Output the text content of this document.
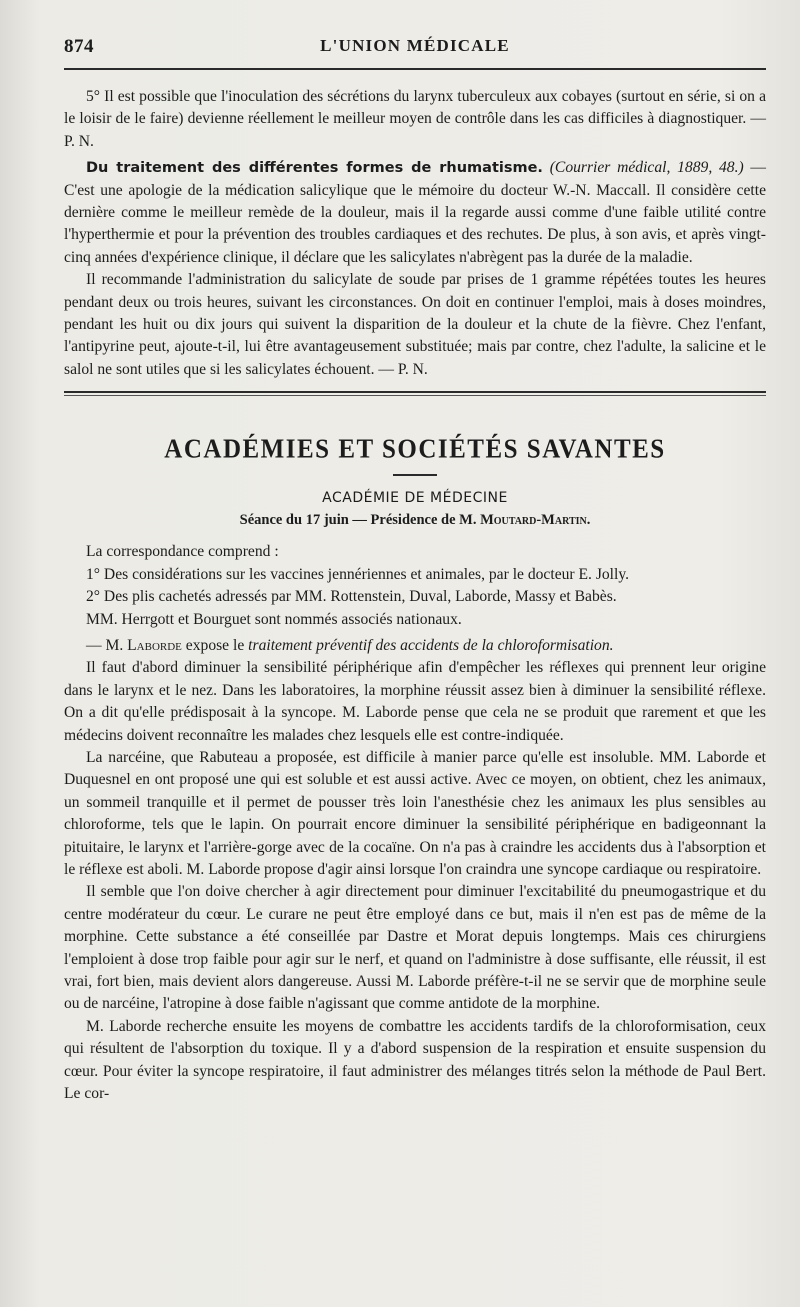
874	L'UNION MÉDICALE

5° Il est possible que l'inoculation des sécrétions du larynx tuberculeux aux cobayes (surtout en série, si on a le loisir de le faire) devienne réellement le meilleur moyen de contrôle dans les cas difficiles à diagnostiquer. — P. N.

Du traitement des différentes formes de rhumatisme. (Courrier médical, 1889, 48.) — C'est une apologie de la médication salicylique que le mémoire du docteur W.-N. Maccall. Il considère cette dernière comme le meilleur remède de la douleur, mais il la regarde aussi comme d'une faible utilité contre l'hyperthermie et pour la prévention des troubles cardiaques et des rechutes. De plus, à son avis, et après vingt-cinq années d'expérience clinique, il déclare que les salicylates n'abrègent pas la durée de la maladie.

Il recommande l'administration du salicylate de soude par prises de 1 gramme répétées toutes les heures pendant deux ou trois heures, suivant les circonstances. On doit en continuer l'emploi, mais à doses moindres, pendant les huit ou dix jours qui suivent la disparition de la douleur et la chute de la fièvre. Chez l'enfant, l'antipyrine peut, ajoute-t-il, lui être avantageusement substituée; mais par contre, chez l'adulte, la salicine et le salol ne sont utiles que si les salicylates échouent. — P. N.

ACADÉMIES ET SOCIÉTÉS SAVANTES
ACADÉMIE DE MÉDECINE
Séance du 17 juin — Présidence de M. Moutard-Martin.

La correspondance comprend :

1° Des considérations sur les vaccines jennériennes et animales, par le docteur E. Jolly.

2° Des plis cachetés adressés par MM. Rottenstein, Duval, Laborde, Massy et Babès.

MM. Herrgott et Bourguet sont nommés associés nationaux.

— M. Laborde expose le traitement préventif des accidents de la chloroformisation.

Il faut d'abord diminuer la sensibilité périphérique afin d'empêcher les réflexes qui prennent leur origine dans le larynx et le nez. Dans les laboratoires, la morphine réussit assez bien à diminuer la sensibilité réflexe. On a dit qu'elle prédisposait à la syncope. M. Laborde pense que cela ne se produit que rarement et que les médecins doivent reconnaître les malades chez lesquels elle est contre-indiquée.

La narcéine, que Rabuteau a proposée, est difficile à manier parce qu'elle est insoluble. MM. Laborde et Duquesnel en ont proposé une qui est soluble et est aussi active. Avec ce moyen, on obtient, chez les animaux, un sommeil tranquille et il permet de pousser très loin l'anesthésie chez les animaux les plus sensibles au chloroforme, tels que le lapin. On pourrait encore diminuer la sensibilité périphérique en badigeonnant la pituitaire, le larynx et l'arrière-gorge avec de la cocaïne. On n'a pas à craindre les accidents dus à l'absorption et le réflexe est aboli. M. Laborde propose d'agir ainsi lorsque l'on craindra une syncope cardiaque ou respiratoire.

Il semble que l'on doive chercher à agir directement pour diminuer l'excitabilité du pneumogastrique et du centre modérateur du cœur. Le curare ne peut être employé dans ce but, mais il n'en est pas de même de la morphine. Cette substance a été conseillée par Dastre et Morat depuis longtemps. Mais ces chirurgiens l'emploient à dose trop faible pour agir sur le nerf, et quand on l'administre à dose suffisante, elle réussit, il est vrai, fort bien, mais devient alors dangereuse. Aussi M. Laborde préfère-t-il ne se servir que de morphine seule ou de narcéine, l'atropine à dose faible n'agissant que comme antidote de la morphine.

M. Laborde recherche ensuite les moyens de combattre les accidents tardifs de la chloroformisation, ceux qui résultent de l'absorption du toxique. Il y a d'abord suspension de la respiration et ensuite suspension du cœur. Pour éviter la syncope respiratoire, il faut administrer des mélanges titrés selon la méthode de Paul Bert. Le cor-
